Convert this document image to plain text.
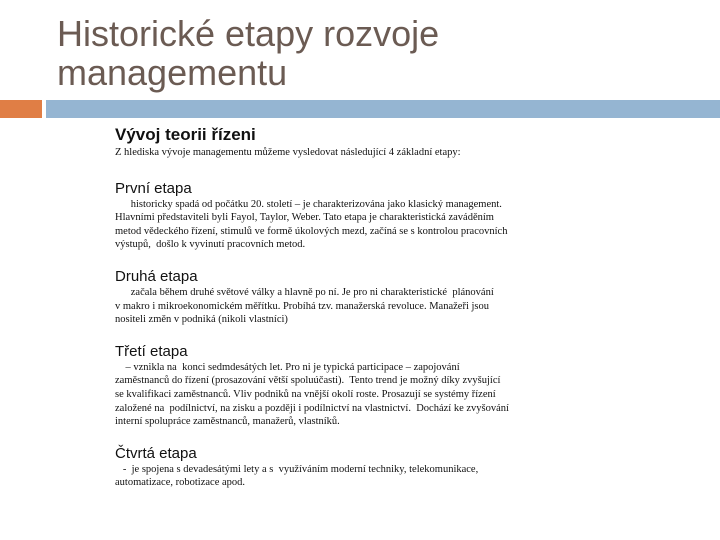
Historické etapy rozvoje
managementu

Vývoj teorii řízeni

Z hlediska vývoje managementu můžeme vysledovat následující 4 základní etapy:

První etapa

historicky spadá od počátku 20. století – je charakterizována jako klasický management.

Hlavními představiteli byli Fayol, Taylor, Weber. Tato etapa je charakteristická zaváděním

metod vědeckého řízení, stimulů ve formě úkolových mezd, začíná se s kontrolou pracovních

výstupů,  došlo k vyvinutí pracovních metod.

Druhá etapa

začala během druhé světové války a hlavně po ní. Je pro ni charakteristické  plánování

v makro i mikroekonomickém měřítku. Probíhá tzv. manažerská revoluce. Manažeři jsou

nositeli změn v podniká (nikoli vlastníci)

Třetí etapa

– vznikla na  konci sedmdesátých let. Pro ni je typická participace – zapojování

zaměstnanců do řízení (prosazování větší spoluúčasti).  Tento trend je možný díky zvyšující

se kvalifikaci zaměstnanců. Vliv podniků na vnější okolí roste. Prosazují se systémy řízení

založené na  podílnictví, na zisku a později i podílnictví na vlastnictví.  Dochází ke zvyšování

interní spolupráce zaměstnanců, manažerů, vlastníků.

Čtvrtá etapa

-  je spojena s devadesátými lety a s  využíváním moderní techniky, telekomunikace,

automatizace, robotizace apod.
